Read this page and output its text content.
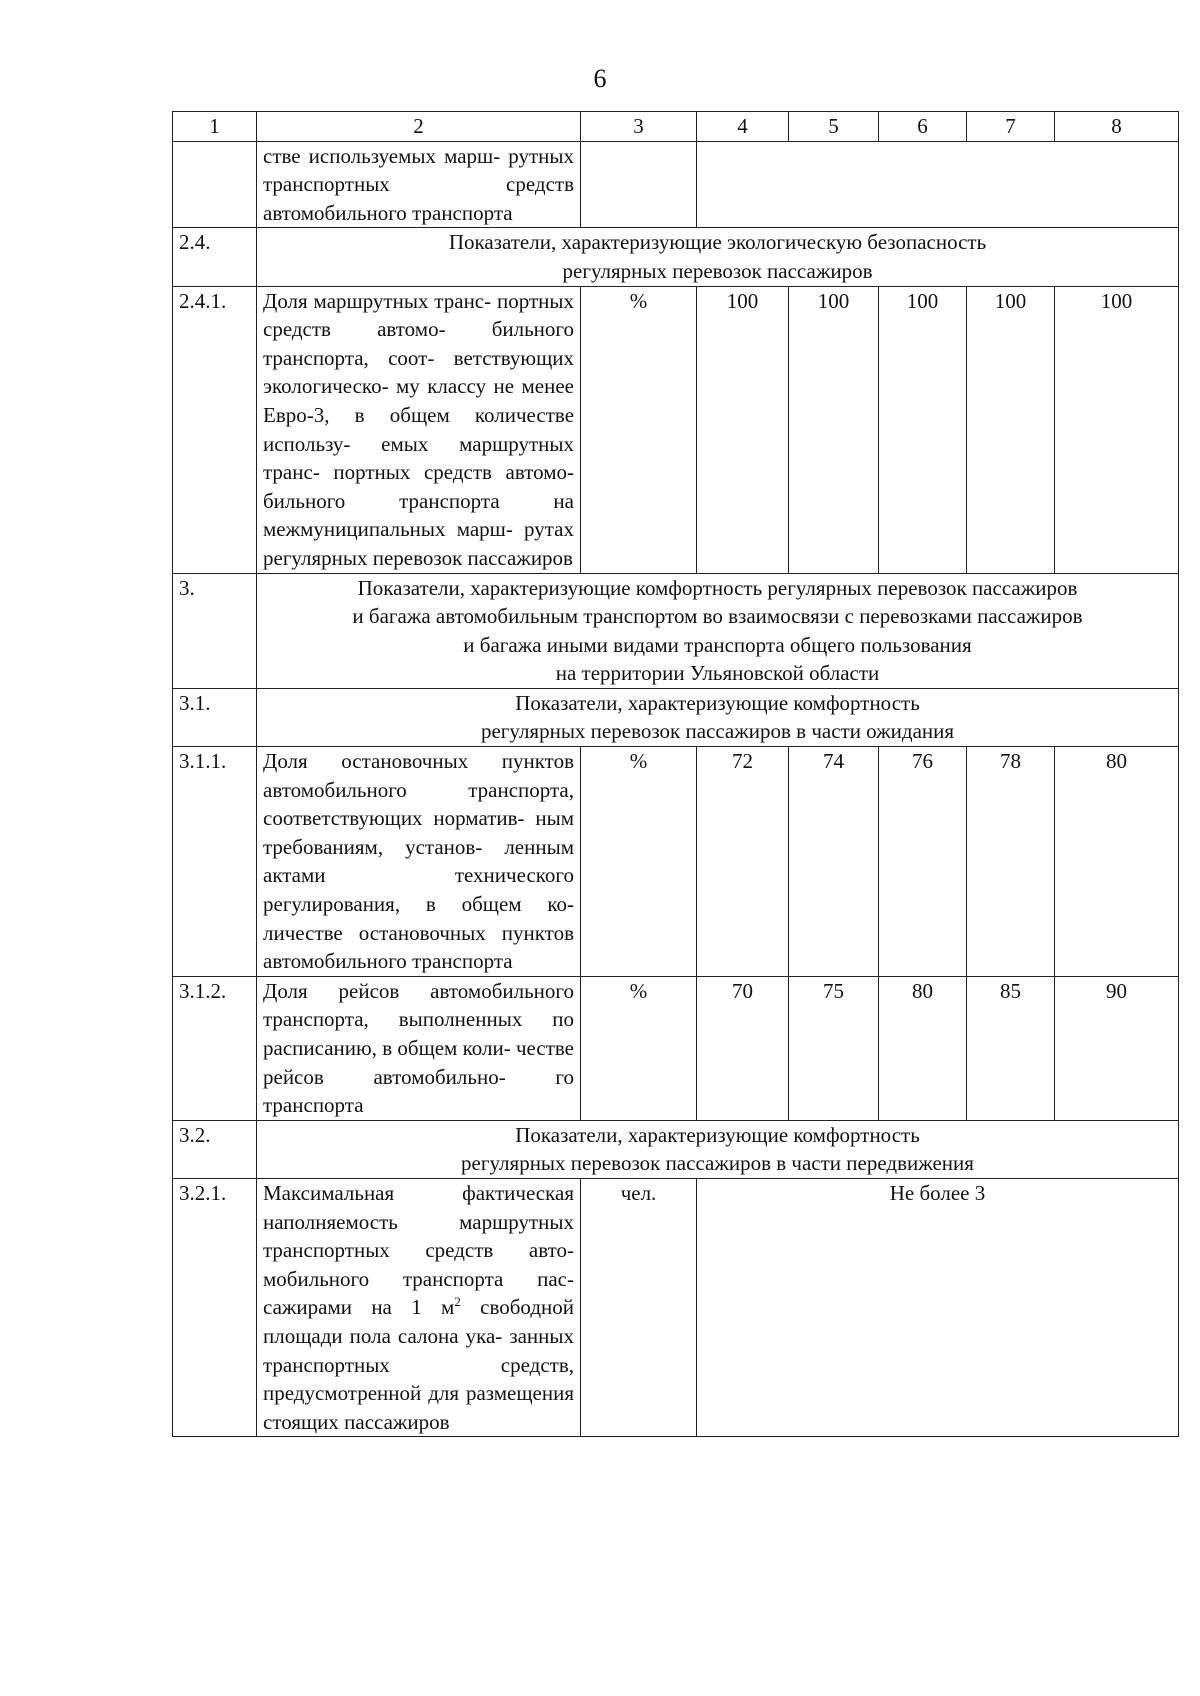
6
1	2	3	4	5	6	7	8
	стве используемых марш- рутных транспортных средств автомобильного транспорта						
2.4.	Показатели, характеризующие экологическую безопасность
регулярных перевозок пассажиров						
2.4.1.	Доля маршрутных транс- портных средств автомо- бильного транспорта, соот- ветствующих экологическо- му классу не менее Евро-3, в общем количестве использу- емых маршрутных транс- портных средств автомо- бильного транспорта на межмуниципальных марш- рутах регулярных перевозок пассажиров	%	100	100	100	100	100
3.	Показатели, характеризующие комфортность регулярных перевозок пассажиров
и багажа автомобильным транспортом во взаимосвязи с перевозками пассажиров
и багажа иными видами транспорта общего пользования
на территории Ульяновской области						
3.1.	Показатели, характеризующие комфортность
регулярных перевозок пассажиров в части ожидания						
3.1.1.	Доля остановочных пунктов автомобильного транспорта, соответствующих норматив- ным требованиям, установ- ленным актами технического регулирования, в общем ко- личестве остановочных пунктов автомобильного транспорта	%	72	74	76	78	80
3.1.2.	Доля рейсов автомобильного транспорта, выполненных по расписанию, в общем коли- честве рейсов автомобильно- го транспорта	%	70	75	80	85	90
3.2.	Показатели, характеризующие комфортность
регулярных перевозок пассажиров в части передвижения						
3.2.1.	Максимальная фактическая наполняемость маршрутных транспортных средств авто- мобильного транспорта пас- сажирами на 1 $м^2$ свободной площади пола салона ука- занных транспортных средств, предусмотренной для размещения стоящих пассажиров	чел.	Не более 3				
